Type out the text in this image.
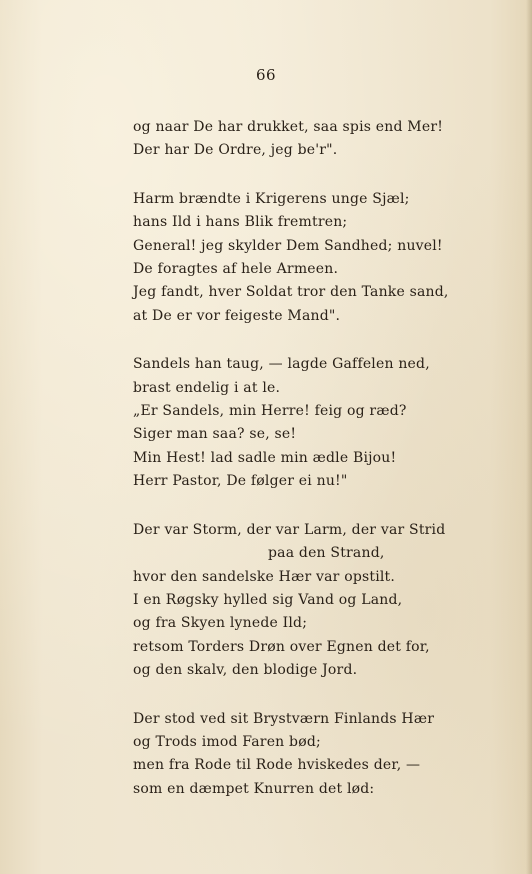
66
og naar De har drukket, saa spis end Mer!
Der har De Ordre, jeg be'r".
Harm brændte i Krigerens unge Sjæl;
hans Ild i hans Blik fremtren;
General! jeg skylder Dem Sandhed; nuvel!
De foragtes af hele Armeen.
Jeg fandt, hver Soldat tror den Tanke sand,
at De er vor feigeste Mand".
Sandels han taug, — lagde Gaffelen ned,
brast endelig i at le.
„Er Sandels, min Herre! feig og ræd?
Siger man saa? se, se!
Min Hest! lad sadle min ædle Bijou!
Herr Pastor, De følger ei nu!"
Der var Storm, der var Larm, der var Strid
paa den Strand,
hvor den sandelske Hær var opstilt.
I en Røgsky hylled sig Vand og Land,
og fra Skyen lynede Ild;
retsom Torders Drøn over Egnen det for,
og den skalv, den blodige Jord.
Der stod ved sit Brystværn Finlands Hær
og Trods imod Faren bød;
men fra Rode til Rode hviskedes der, —
som en dæmpet Knurren det lød:
